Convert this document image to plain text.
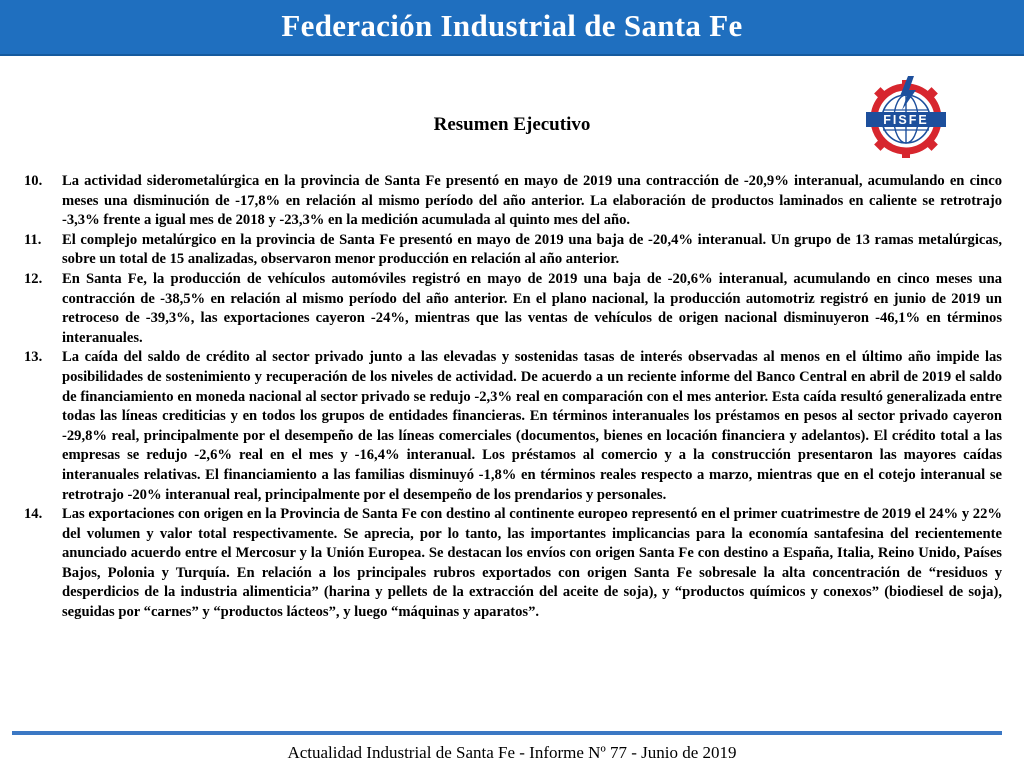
Federación Industrial de Santa Fe
FISFE
Resumen Ejecutivo
10.	La actividad siderometalúrgica en la provincia de Santa Fe presentó en mayo de 2019 una contracción de -20,9% interanual, acumulando en cinco meses una disminución de -17,8% en relación al mismo período del año anterior. La elaboración de productos laminados en caliente se retrotrajo -3,3% frente a igual mes de 2018 y -23,3% en la medición acumulada al quinto mes del año.
11.	El complejo metalúrgico en la provincia de Santa Fe presentó en mayo de 2019 una baja de -20,4% interanual. Un grupo de 13 ramas metalúrgicas, sobre un total de 15 analizadas, observaron menor producción en relación al año anterior.
12.	En Santa Fe, la producción de vehículos automóviles registró en mayo de 2019 una baja de -20,6% interanual, acumulando en cinco meses una contracción de -38,5% en relación al mismo período del año anterior. En el plano nacional, la producción automotriz registró en junio de 2019 un retroceso de -39,3%, las exportaciones cayeron -24%, mientras que las ventas de vehículos de origen nacional disminuyeron -46,1% en términos interanuales.
13.	La caída del saldo de crédito al sector privado junto a las elevadas y sostenidas tasas de interés observadas al menos en el último año impide las posibilidades de sostenimiento y recuperación de los niveles de actividad. De acuerdo a un reciente informe del Banco Central en abril de 2019 el saldo de financiamiento en moneda nacional al sector privado se redujo -2,3% real en comparación con el mes anterior. Esta caída resultó generalizada entre todas las líneas crediticias y en todos los grupos de entidades financieras. En términos interanuales los préstamos en pesos al sector privado cayeron -29,8% real, principalmente por el desempeño de las líneas comerciales (documentos, bienes en locación financiera y adelantos). El crédito total a las empresas se redujo -2,6% real en el mes y -16,4% interanual. Los préstamos al comercio y a la construcción presentaron las mayores caídas interanuales relativas. El financiamiento a las familias disminuyó -1,8% en términos reales respecto a marzo, mientras que en el cotejo interanual se retrotrajo -20% interanual real, principalmente por el desempeño de los prendarios y personales.
14.	Las exportaciones con origen en la Provincia de Santa Fe con destino al continente europeo representó en el primer cuatrimestre de 2019 el 24% y 22% del volumen y valor total respectivamente. Se aprecia, por lo tanto, las importantes implicancias para la economía santafesina del recientemente anunciado acuerdo entre el Mercosur y la Unión Europea. Se destacan los envíos con origen Santa Fe con destino a España, Italia, Reino Unido, Países Bajos, Polonia y Turquía. En relación a los principales rubros exportados con origen Santa Fe sobresale la alta concentración de “residuos y desperdicios de la industria alimenticia” (harina y pellets de la extracción del aceite de soja), y “productos químicos y conexos” (biodiesel de soja), seguidas por “carnes” y “productos lácteos”, y luego “máquinas y aparatos”.
Actualidad Industrial de Santa Fe - Informe Nº 77 - Junio de 2019
